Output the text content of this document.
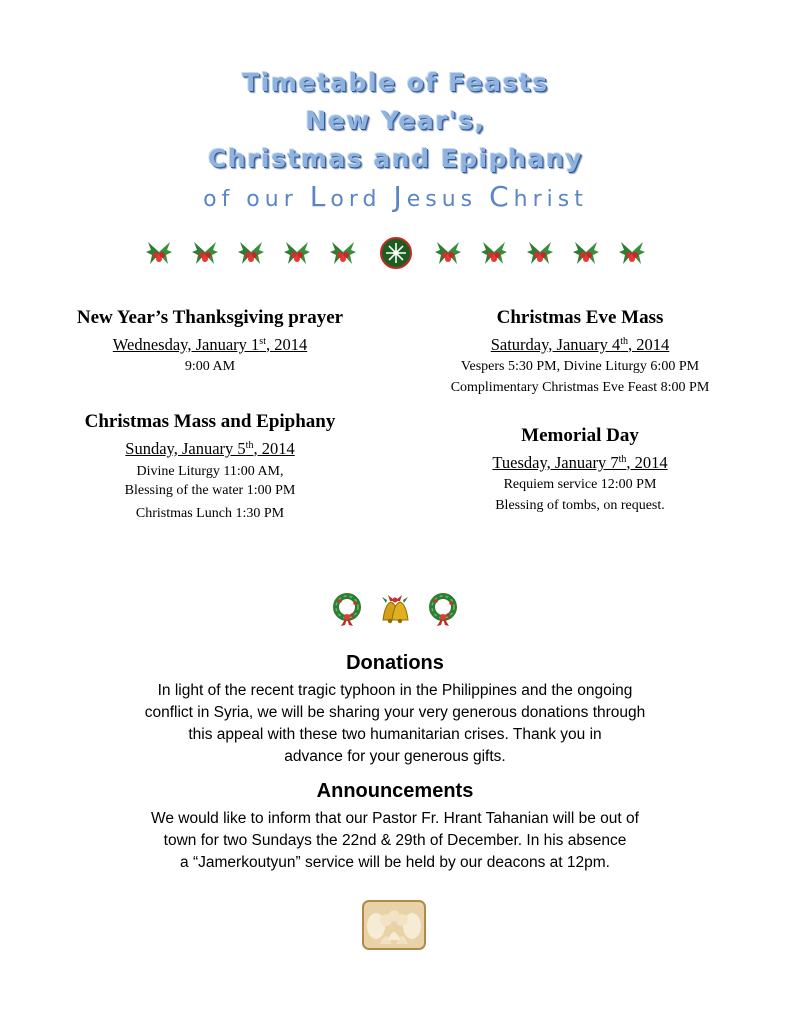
Timetable of Feasts
New Year's,
Christmas and Epiphany
of our Lord Jesus Christ
New Year’s Thanksgiving prayer
Wednesday, January 1st, 2014
9:00 AM
Christmas Mass and Epiphany
Sunday, January 5th, 2014
Divine Liturgy 11:00 AM,
Blessing of the water 1:00 PM
Christmas Lunch 1:30 PM
Christmas Eve Mass
Saturday, January 4th, 2014
Vespers 5:30 PM, Divine Liturgy 6:00 PM
Complimentary Christmas Eve Feast 8:00 PM
Memorial Day
Tuesday, January 7th, 2014
Requiem service 12:00 PM
Blessing of tombs, on request.
Donations

In light of the recent tragic typhoon in the Philippines and the ongoing
conflict in Syria, we will be sharing your very generous donations through
this appeal with these two humanitarian crises. Thank you in
advance for your generous gifts.

Announcements

We would like to inform that our Pastor Fr. Hrant Tahanian will be out of
town for two Sundays the 22nd & 29th of December. In his absence
a “Jamerkoutyun” service will be held by our deacons at 12pm.
